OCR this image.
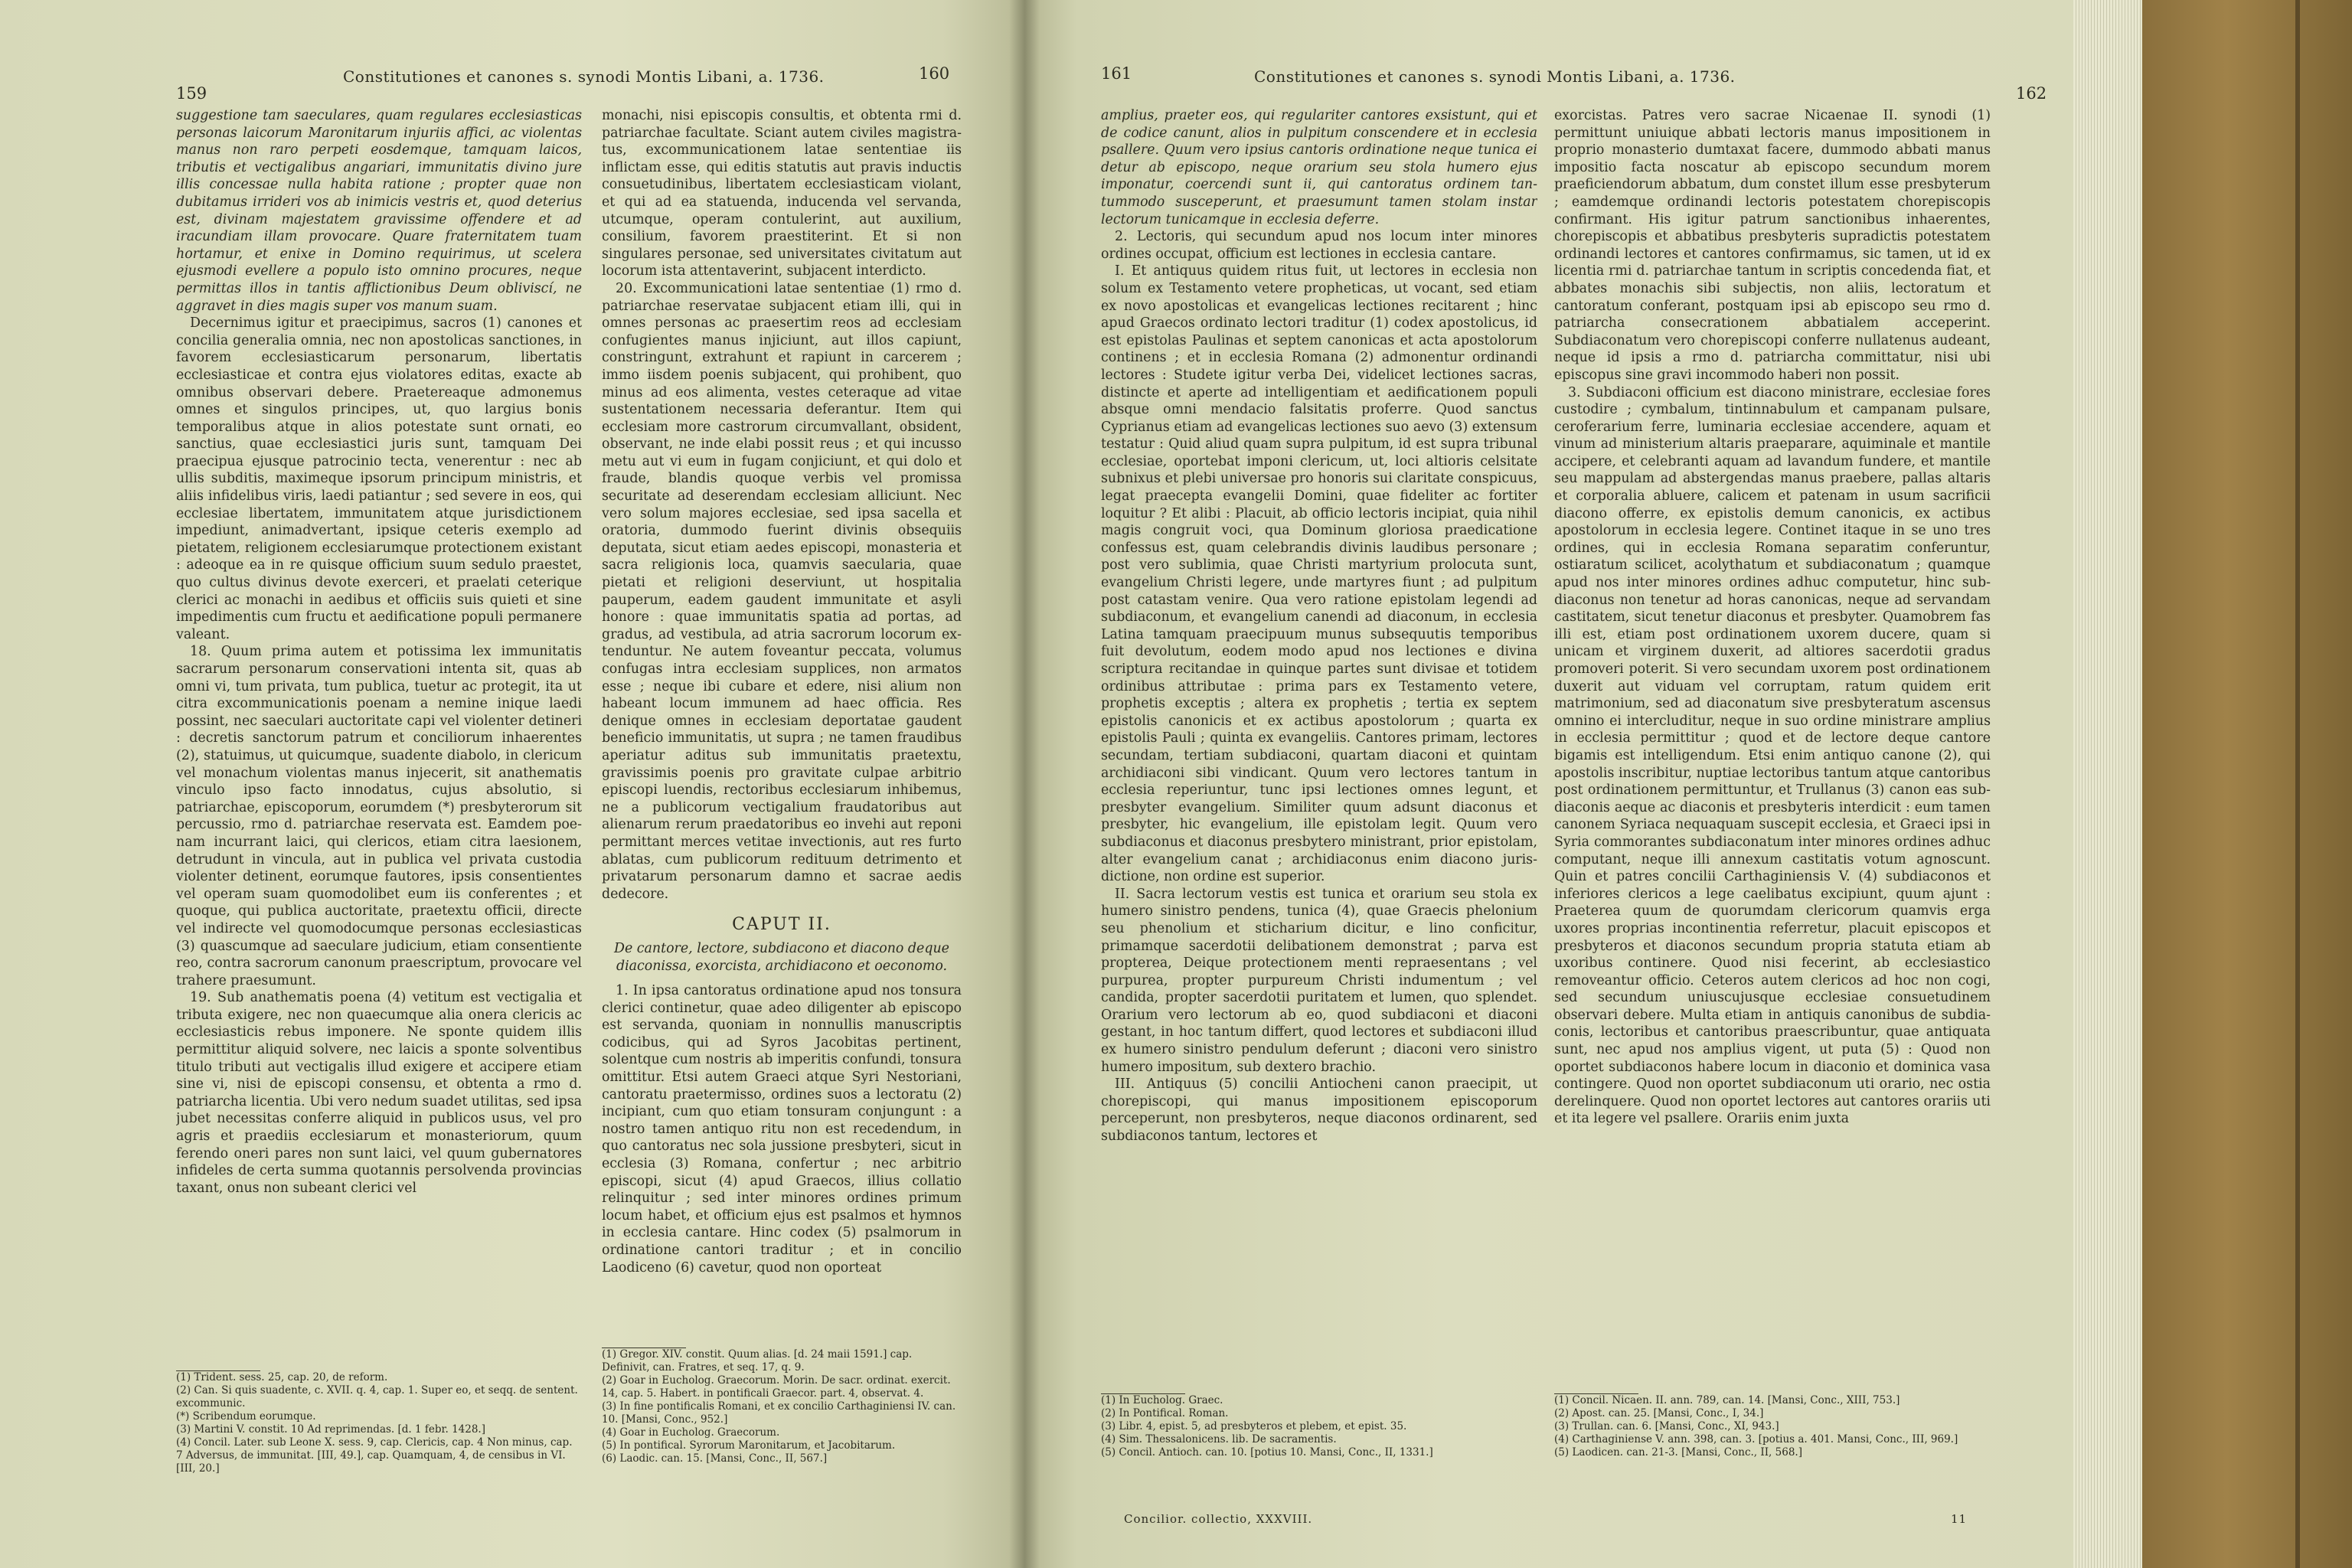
159
Constitutiones et canones s. synodi Montis Libani, a. 1736.	160

suggestione tam saeculares, quam regulares ecclesiasticas personas laicorum Maronitarum injuriis affici, ac violentas manus non raro perpeti eosdemque, tamquam laicos, tributis et vectigalibus angariari, immunitatis divino jure illis concessae nulla habita ratione ; propter quae non dubitamus irrideri vos ab inimicis vestris et, quod deterius est, divinam majestatem gravissime offendere et ad iracundiam illam provocare. Quare fraternitatem tuam hortamur, et enixe in Domino requirimus, ut scelera ejusmodi evellere a populo isto omnino procures, neque permittas illos in tantis afflictionibus Deum obliviscí, ne aggravet in dies magis super vos manum suam.

Decernimus igitur et praecipimus, sacros (1) canones et concilia generalia omnia, nec non apostolicas sanctiones, in favorem ecclesiasticarum personarum, libertatis ecclesiasticae et contra ejus violatores editas, exacte ab omnibus observari debere. Praetereaque admonemus omnes et singulos principes, ut, quo largius bonis temporalibus atque in alios potestate sunt ornati, eo sanctius, quae ecclesiastici juris sunt, tamquam Dei praecipua ejusque patrocinio tecta, venerentur : nec ab ullis subditis, maximeque ipsorum principum ministris, et aliis infidelibus viris, laedi patiantur ; sed severe in eos, qui ecclesiae libertatem, immunitatem atque jurisdictionem impediunt, animadvertant, ipsique ceteris exemplo ad pietatem, religionem ecclesiarumque protectionem existant : adeoque ea in re quisque officium suum sedulo praestet, quo cultus divinus devote exerceri, et praelati ceterique clerici ac monachi in aedibus et officiis suis quieti et sine impedimentis cum fructu et aedificatione populi permanere valeant.

18. Quum prima autem et potissima lex immunitatis sacrarum personarum conservationi intenta sit, quas ab omni vi, tum privata, tum publica, tuetur ac protegit, ita ut citra excommunicationis poenam a nemine inique laedi possint, nec saeculari auctoritate capi vel violenter detineri : decretis sanctorum patrum et conciliorum inhaerentes (2), statuimus, ut quicumque, suadente diabolo, in clericum vel monachum violentas manus injecerit, sit anathematis vinculo ipso facto innodatus, cujus absolutio, si patriarchae, episcoporum, eorumdem (*) presbyterorum sit percussio, rmo d. patriarchae reservata est. Eamdem poenam incurrant laici, qui clericos, etiam citra laesionem, detrudunt in vincula, aut in publica vel privata custodia violenter detinent, eorumque fautores, ipsis consentientes vel operam suam quomodolibet eum iis conferentes ; et quoque, qui publica auctoritate, praetextu officii, directe vel indirecte vel quomodocumque personas ecclesiasticas (3) quascumque ad saeculare judicium, etiam consentiente reo, contra sacrorum canonum praescriptum, provocare vel trahere praesumunt.

19. Sub anathematis poena (4) vetitum est vectigalia et tributa exigere, nec non quaecumque alia onera clericis ac ecclesiasticis rebus imponere. Ne sponte quidem illis permittitur aliquid solvere, nec laicis a sponte solventibus titulo tributi aut vectigalis illud exigere et accipere etiam sine vi, nisi de episcopi consensu, et obtenta a rmo d. patriarcha licentia. Ubi vero nedum suadet utilitas, sed ipsa jubet necessitas conferre aliquid in publicos usus, vel pro agris et praediis ecclesiarum et monasteriorum, quum ferendo oneri pares non sunt laici, vel quum gubernatores infideles de certa summa quotannis persolvenda provincias taxant, onus non subeant clerici vel

monachi, nisi episcopis consultis, et obtenta rmi d. patriarchae facultate. Sciant autem civiles magistratus, excommunicationem latae sententiae iis inflictam esse, qui editis statutis aut pravis inductis consuetudinibus, libertatem ecclesiasticam violant, et qui ad ea statuenda, inducenda vel servanda, utcumque, operam contulerint, aut auxilium, consilium, favorem praestiterint. Et si non singulares personae, sed universitates civitatum aut locorum ista attentaverint, subjacent interdicto.

20. Excommunicationi latae sententiae (1) rmo d. patriarchae reservatae subjacent etiam illi, qui in omnes personas ac praesertim reos ad ecclesiam confugientes manus injiciunt, aut illos capiunt, constringunt, extrahunt et rapiunt in carcerem ; immo iisdem poenis subjacent, qui prohibent, quo minus ad eos alimenta, vestes ceteraque ad vitae sustentationem necessaria deferantur. Item qui ecclesiam more castrorum circumvallant, obsident, observant, ne inde elabi possit reus ; et qui incusso metu aut vi eum in fugam conjiciunt, et qui dolo et fraude, blandis quoque verbis vel promissa securitate ad deserendam ecclesiam alliciunt. Nec vero solum majores ecclesiae, sed ipsa sacella et oratoria, dummodo fuerint divinis obsequiis deputata, sicut etiam aedes episcopi, monasteria et sacra religionis loca, quamvis saecularia, quae pietati et religioni deserviunt, ut hospitalia pauperum, eadem gaudent immunitate et asyli honore : quae immunitatis spatia ad portas, ad gradus, ad vestibula, ad atria sacrorum locorum extenduntur. Ne autem foveantur peccata, volumus confugas intra ecclesiam supplices, non armatos esse ; neque ibi cubare et edere, nisi alium non habeant locum immunem ad haec officia. Res denique omnes in ecclesiam deportatae gaudent beneficio immunitatis, ut supra ; ne tamen fraudibus aperiatur aditus sub immunitatis praetextu, gravissimis poenis pro gravitate culpae arbitrio episcopi luendis, rectoribus ecclesiarum inhibemus, ne a publicorum vectigalium fraudatoribus aut alienarum rerum praedatoribus eo invehi aut reponi permittant merces vetitae invectionis, aut res furto ablatas, cum publicorum redituum detrimento et privatarum personarum damno et sacrae aedis dedecore.

CAPUT II.
De cantore, lectore, subdiacono et diacono deque diaconissa, exorcista, archidiacono et oeconomo.

1. In ipsa cantoratus ordinatione apud nos tonsura clerici continetur, quae adeo diligenter ab episcopo est servanda, quoniam in nonnullis manuscriptis codicibus, qui ad Syros Jacobitas pertinent, solentque cum nostris ab imperitis confundi, tonsura omittitur. Etsi autem Graeci atque Syri Nestoriani, cantoratu praetermisso, ordines suos a lectoratu (2) incipiant, cum quo etiam tonsuram conjungunt : a nostro tamen antiquo ritu non est recedendum, in quo cantoratus nec sola jussione presbyteri, sicut in ecclesia (3) Romana, confertur ; nec arbitrio episcopi, sicut (4) apud Graecos, illius collatio relinquitur ; sed inter minores ordines primum locum habet, et officium ejus est psalmos et hymnos in ecclesia cantare. Hinc codex (5) psalmorum in ordinatione cantori traditur ; et in concilio Laodiceno (6) cavetur, quod non oporteat

(1) Trident. sess. 25, cap. 20, de reform.
(2) Can. Si quis suadente, c. XVII. q. 4, cap. 1. Super eo, et seqq. de sentent. excommunic.
(*) Scribendum eorumque.
(3) Martini V. constit. 10 Ad reprimendas. [d. 1 febr. 1428.]
(4) Concil. Later. sub Leone X. sess. 9, cap. Clericis, cap. 4 Non minus, cap. 7 Adversus, de immunitat. [III, 49.], cap. Quamquam, 4, de censibus in VI. [III, 20.]
(1) Gregor. XIV. constit. Quum alias. [d. 24 maii 1591.] cap. Definivit, can. Fratres, et seq. 17, q. 9.
(2) Goar in Eucholog. Graecorum. Morin. De sacr. ordinat. exercit. 14, cap. 5. Habert. in pontificali Graecor. part. 4, observat. 4.
(3) In fine pontificalis Romani, et ex concilio Carthaginiensi IV. can. 10. [Mansi, Conc., 952.]
(4) Goar in Eucholog. Graecorum.
(5) In pontifical. Syrorum Maronitarum, et Jacobitarum.
(6) Laodic. can. 15. [Mansi, Conc., II, 567.]
161	Constitutiones et canones s. synodi Montis Libani, a. 1736.
162

amplius, praeter eos, qui regulariter cantores exsistunt, qui et de codice canunt, alios in pulpitum conscendere et in ecclesia psallere. Quum vero ipsius cantoris ordinatione neque tunica ei detur ab episcopo, neque orarium seu stola humero ejus imponatur, coercendi sunt ii, qui cantoratus ordinem tantummodo susceperunt, et praesumunt tamen stolam instar lectorum tunicamque in ecclesia deferre.

2. Lectoris, qui secundum apud nos locum inter minores ordines occupat, officium est lectiones in ecclesia cantare.

I. Et antiquus quidem ritus fuit, ut lectores in ecclesia non solum ex Testamento vetere propheticas, ut vocant, sed etiam ex novo apostolicas et evangelicas lectiones recitarent ; hinc apud Graecos ordinato lectori traditur (1) codex apostolicus, id est epistolas Paulinas et septem canonicas et acta apostolorum continens ; et in ecclesia Romana (2) admonentur ordinandi lectores : Studete igitur verba Dei, videlicet lectiones sacras, distincte et aperte ad intelligentiam et aedificationem populi absque omni mendacio falsitatis proferre. Quod sanctus Cyprianus etiam ad evangelicas lectiones suo aevo (3) extensum testatur : Quid aliud quam supra pulpitum, id est supra tribunal ecclesiae, oportebat imponi clericum, ut, loci altioris celsitate subnixus et plebi universae pro honoris sui claritate conspicuus, legat praecepta evangelii Domini, quae fideliter ac fortiter loquitur ? Et alibi : Placuit, ab officio lectoris incipiat, quia nihil magis congruit voci, qua Dominum gloriosa praedicatione confessus est, quam celebrandis divinis laudibus personare ; post vero sublimia, quae Christi martyrium prolocuta sunt, evangelium Christi legere, unde martyres fiunt ; ad pulpitum post catastam venire. Qua vero ratione epistolam legendi ad subdiaconum, et evangelium canendi ad diaconum, in ecclesia Latina tamquam praecipuum munus subsequutis temporibus fuit devolutum, eodem modo apud nos lectiones e divina scriptura recitandae in quinque partes sunt divisae et totidem ordinibus attributae : prima pars ex Testamento vetere, prophetis exceptis ; altera ex prophetis ; tertia ex septem epistolis canonicis et ex actibus apostolorum ; quarta ex epistolis Pauli ; quinta ex evangeliis. Cantores primam, lectores secundam, tertiam subdiaconi, quartam diaconi et quintam archidiaconi sibi vindicant. Quum vero lectores tantum in ecclesia reperiuntur, tunc ipsi lectiones omnes legunt, et presbyter evangelium. Similiter quum adsunt diaconus et presbyter, hic evangelium, ille epistolam legit. Quum vero subdiaconus et diaconus presbytero ministrant, prior epistolam, alter evangelium canat ; archidiaconus enim diacono jurisdictione, non ordine est superior.

II. Sacra lectorum vestis est tunica et orarium seu stola ex humero sinistro pendens, tunica (4), quae Graecis phelonium seu phenolium et sticharium dicitur, e lino conficitur, primamque sacerdotii delibationem demonstrat ; parva est propterea, Deique protectionem menti repraesentans ; vel purpurea, propter purpureum Christi indumentum ; vel candida, propter sacerdotii puritatem et lumen, quo splendet. Orarium vero lectorum ab eo, quod subdiaconi et diaconi gestant, in hoc tantum differt, quod lectores et subdiaconi illud ex humero sinistro pendulum deferunt ; diaconi vero sinistro humero impositum, sub dextero brachio.

III. Antiquus (5) concilii Antiocheni canon praecipit, ut chorepiscopi, qui manus impositionem episcoporum perceperunt, non presbyteros, neque diaconos ordinarent, sed subdiaconos tantum, lectores et

exorcistas. Patres vero sacrae Nicaenae II. synodi (1) permittunt uniuique abbati lectoris manus impositionem in proprio monasterio dumtaxat facere, dummodo abbati manus impositio facta noscatur ab episcopo secundum morem praeficiendorum abbatum, dum constet illum esse presbyterum ; eamdemque ordinandi lectoris potestatem chorepiscopis confirmant. His igitur patrum sanctionibus inhaerentes, chorepiscopis et abbatibus presbyteris supradictis potestatem ordinandi lectores et cantores confirmamus, sic tamen, ut id ex licentia rmi d. patriarchae tantum in scriptis concedenda fiat, et abbates monachis sibi subjectis, non aliis, lectoratum et cantoratum conferant, postquam ipsi ab episcopo seu rmo d. patriarcha consecrationem abbatialem acceperint. Subdiaconatum vero chorepiscopi conferre nullatenus audeant, neque id ipsis a rmo d. patriarcha committatur, nisi ubi episcopus sine gravi incommodo haberi non possit.

3. Subdiaconi officium est diacono ministrare, ecclesiae fores custodire ; cymbalum, tintinnabulum et campanam pulsare, ceroferarium ferre, luminaria ecclesiae accendere, aquam et vinum ad ministerium altaris praeparare, aquiminale et mantile accipere, et celebranti aquam ad lavandum fundere, et mantile seu mappulam ad abstergendas manus praebere, pallas altaris et corporalia abluere, calicem et patenam in usum sacrificii diacono offerre, ex epistolis demum canonicis, ex actibus apostolorum in ecclesia legere. Continet itaque in se uno tres ordines, qui in ecclesia Romana separatim conferuntur, ostiaratum scilicet, acolythatum et subdiaconatum ; quamque apud nos inter minores ordines adhuc computetur, hinc subdiaconus non tenetur ad horas canonicas, neque ad servandam castitatem, sicut tenetur diaconus et presbyter. Quamobrem fas illi est, etiam post ordinationem uxorem ducere, quam si unicam et virginem duxerit, ad altiores sacerdotii gradus promoveri poterit. Si vero secundam uxorem post ordinationem duxerit aut viduam vel corruptam, ratum quidem erit matrimonium, sed ad diaconatum sive presbyteratum ascensus omnino ei intercluditur, neque in suo ordine ministrare amplius in ecclesia permittitur ; quod et de lectore deque cantore bigamis est intelligendum. Etsi enim antiquo canone (2), qui apostolis inscribitur, nuptiae lectoribus tantum atque cantoribus post ordinationem permittuntur, et Trullanus (3) canon eas subdiaconis aeque ac diaconis et presbyteris interdicit : eum tamen canonem Syriaca nequaquam suscepit ecclesia, et Graeci ipsi in Syria commorantes subdiaconatum inter minores ordines adhuc computant, neque illi annexum castitatis votum agnoscunt. Quin et patres concilii Carthaginiensis V. (4) subdiaconos et inferiores clericos a lege caelibatus excipiunt, quum ajunt : Praeterea quum de quorumdam clericorum quamvis erga uxores proprias incontinentia referretur, placuit episcopos et presbyteros et diaconos secundum propria statuta etiam ab uxoribus continere. Quod nisi fecerint, ab ecclesiastico removeantur officio. Ceteros autem clericos ad hoc non cogi, sed secundum uniuscujusque ecclesiae consuetudinem observari debere. Multa etiam in antiquis canonibus de subdiaconis, lectoribus et cantoribus praescribuntur, quae antiquata sunt, nec apud nos amplius vigent, ut puta (5) : Quod non oportet subdiaconos habere locum in diaconio et dominica vasa contingere. Quod non oportet subdiaconum uti orario, nec ostia derelinquere. Quod non oportet lectores aut cantores orariis uti et ita legere vel psallere. Orariis enim juxta

(1) In Eucholog. Graec.
(2) In Pontifical. Roman.
(3) Libr. 4, epist. 5, ad presbyteros et plebem, et epist. 35.
(4) Sim. Thessalonicens. lib. De sacramentis.
(5) Concil. Antioch. can. 10. [potius 10. Mansi, Conc., II, 1331.]
(1) Concil. Nicaen. II. ann. 789, can. 14. [Mansi, Conc., XIII, 753.]
(2) Apost. can. 25. [Mansi, Conc., I, 34.]
(3) Trullan. can. 6. [Mansi, Conc., XI, 943.]
(4) Carthaginiense V. ann. 398, can. 3. [potius a. 401. Mansi, Conc., III, 969.]
(5) Laodicen. can. 21-3. [Mansi, Conc., II, 568.]
Concilior. collectio, XXXVIII.	11
